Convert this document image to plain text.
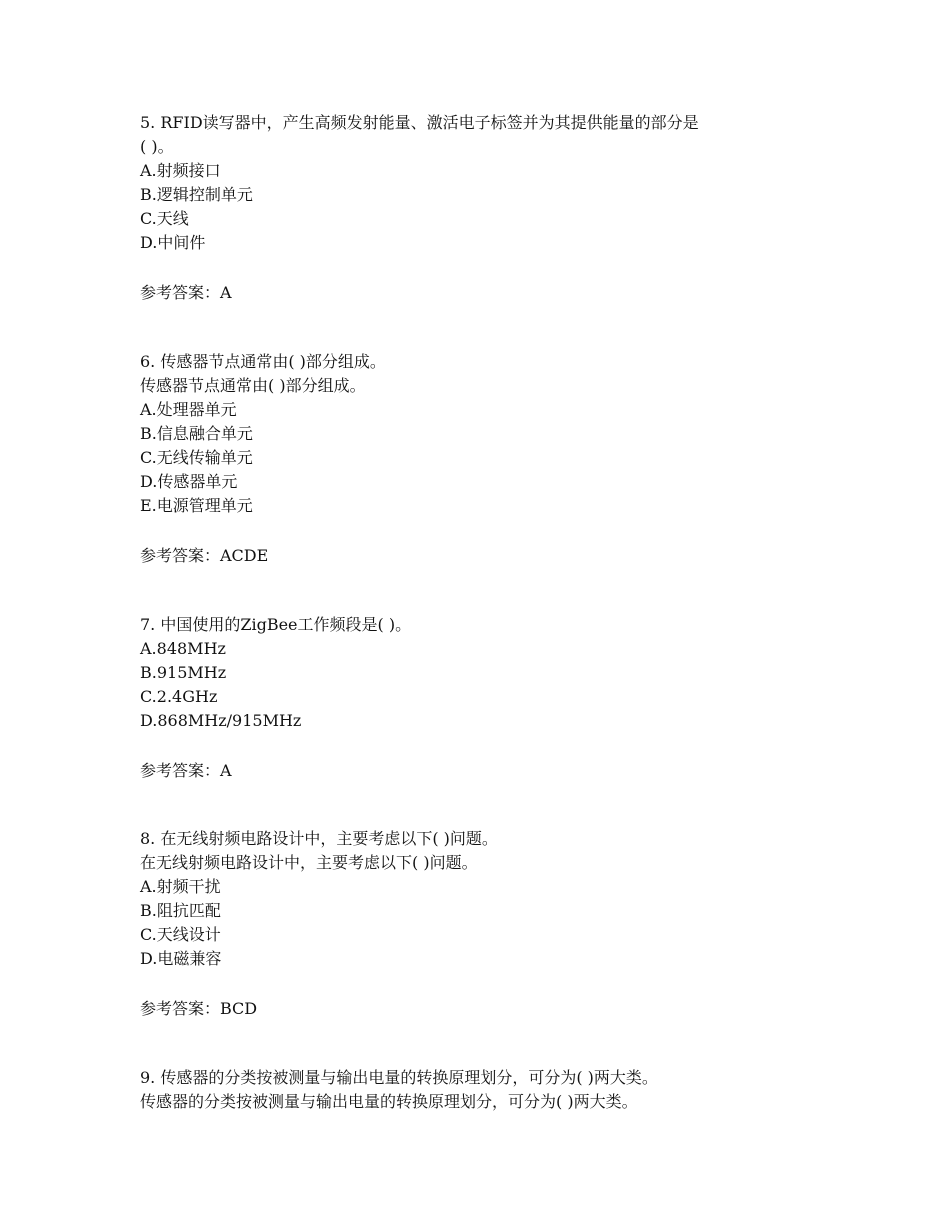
5. RFID读写器中，产生高频发射能量、激活电子标签并为其提供能量的部分是
( )。
A.射频接口
B.逻辑控制单元
C.天线
D.中间件
参考答案：A
6. 传感器节点通常由( )部分组成。
传感器节点通常由( )部分组成。
A.处理器单元
B.信息融合单元
C.无线传输单元
D.传感器单元
E.电源管理单元
参考答案：ACDE
7. 中国使用的ZigBee工作频段是( )。
A.848MHz
B.915MHz
C.2.4GHz
D.868MHz/915MHz
参考答案：A
8. 在无线射频电路设计中，主要考虑以下( )问题。
在无线射频电路设计中，主要考虑以下( )问题。
A.射频干扰
B.阻抗匹配
C.天线设计
D.电磁兼容
参考答案：BCD
9. 传感器的分类按被测量与输出电量的转换原理划分，可分为( )两大类。
传感器的分类按被测量与输出电量的转换原理划分，可分为( )两大类。
